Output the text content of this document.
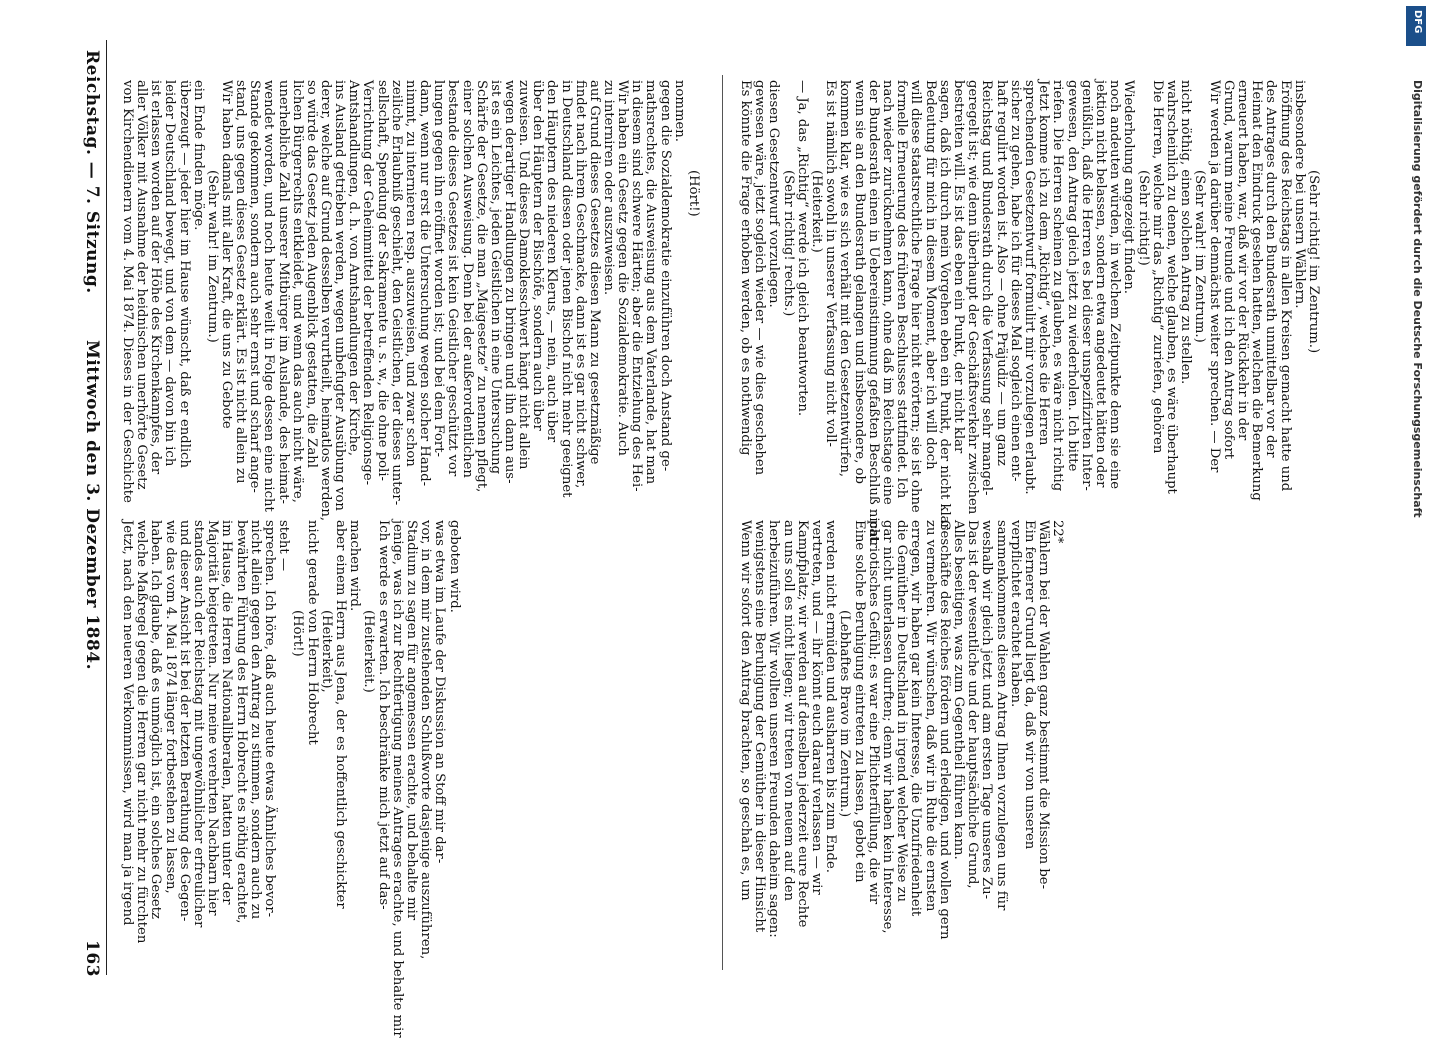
Reichstag. — 7. Sitzung.
Mittwoch den 3. Dezember 1884.
163
von Kirchendienern vom 4. Mai 1874. Dieses in der Geschichte aller Völker mit Ausnahme der heidnischen unerhörte Gesetz ist erlassen worden auf der Höhe des Kirchenkampfes, der leider Deutschland bewegt, und von dem — davon bin ich überzeugt — jeder hier im Hause wünscht, daß er endlich ein Ende finden möge.
(Sehr wahr! im Zentrum.) Wir haben damals mit aller Kraft, die uns zu Gebote stand, uns gegen dieses Gesetz erklärt. Es ist nicht allein zu Stande gekommen, sondern auch sehr ernst und scharf ange- wendet worden, und noch heute weilt in Folge dessen eine nicht unerhebliche Zahl unserer Mitbürger im Auslande, des heimat- lichen Bürgerrechts entkleidet, und wenn das auch nicht wäre, so würde das Gesetz jeden Augenblick gestatten, die Zahl derer, welche auf Grund desselben verurtheilt, heimatlos werden, ins Ausland getrieben werden, wegen unbefugter Ausübung von Amtshandlungen, d. h. von Amtshandlungen der Kirche, Verrichtung der Geheimmittel der betreffenden Religionsge- sellschaft, Spendung der Sakramente u. s. w., die ohne poli- zeiliche Erlaubniß geschieht, den Geistlichen, der dieses unter- nimmt, zu internieren resp. auszuweisen, und zwar schon dann, wenn nur erst die Untersuchung wegen solcher Hand- lungen gegen ihn eröffnet worden ist; und bei dem Fort- bestande dieses Gesetzes ist kein Geistlicher geschützt vor einer solchen Ausweisung. Denn bei der außerordentlichen Schärfe der Gesetze, die man „Maigesetze“ zu nennen pflegt, ist es ein Leichtes, jeden Geistlichen in eine Untersuchung wegen derartiger Handlungen zu bringen und ihn dann aus- zuweisen. Und dieses Damoklesschwert hängt nicht allein über den Häuptern der Bischöfe, sondern auch über den Häuptern des niederen Klerus, — nein, auch über in Deutschland diesen oder jenen Bischof nicht mehr geeignet findet nach ihrem Geschmacke, dann ist es gar nicht schwer, auf Grund dieses Gesetzes diesen Mann zu gesetzmäßige zu interniren oder auszuweisen. Wir haben ein Gesetz gegen die Sozialdemokratie. Auch in diesem sind schwere Härten; aber die Entziehung des Hei- mathsrechtes, die Ausweisung aus dem Vaterlande, hat man gegen die Sozialdemokratie einzuführen doch Anstand ge- nommen.
(Hört!)
Jetzt, nach den neueren Verkommnissen, wird man ja irgend welche Maßregel gegen die Herren gar nicht mehr zu fürchten haben. Ich glaube, daß es unmöglich ist, ein solches Gesetz wie das vom 4. Mai 1874 länger fortbestehen zu lassen, und dieser Ansicht ist bei der letzten Berathung des Gegen- standes auch der Reichstag mit ungewöhnlicher erfreulicher Majorität beigetreten. Nur meine verehrten Nachbarn hier im Hause, die Herren Nationalliberalen, hatten unter der bewährten Führung des Herrn Hobrecht es nöthig erachtet, nicht allein gegen den Antrag zu stimmen, sondern auch zu sprechen. Ich höre, daß auch heute etwas Ähnliches bevor- steht —
(Hört!) nicht gerade von Herrn Hobrecht (Heiterkeit), aber einem Herrn aus Jena, der es hoffentlich geschickter machen wird.
(Heiterkeit.) Ich werde es erwarten. Ich beschränke mich jetzt auf das- jenige, was ich zur Rechtfertigung meines Antrages erachte, und behalte mir Stadium zu sagen für angemessen erachte, und behalte mir vor, in dem mir zustehenden Schlußworte dasjenige auszuführen, was etwa im Laufe der Diskussion an Stoff mir dar- geboten wird.
Es könnte die Frage erhoben werden, ob es nothwendig gewesen wäre, jetzt sogleich wieder — wie dies geschehen diesen Gesetzentwurf vorzulegen. (Sehr richtig! rechts.) — Ja, das „Richtig“ werde ich gleich beantworten. (Heiterkeit.) Es ist nämlich sowohl in unserer Verfassung nicht voll- kommen klar, wie es sich verhält mit den Gesetzentwürfen, wenn sie an den Bundesrath gelangen und insbesondere, ob der Bundesrath einen in Uebereinstimmung gefaßten Beschluß nicht nach wieder zurücknehmen kann, ohne daß im Reichstage eine formelle Erneuerung des früheren Beschlusses stattfindet. Ich will diese staatsrechtliche Frage hier nicht erörtern; sie ist ohne Bedeutung für mich in diesem Moment, aber ich will doch sagen, daß ich durch mein Vorgehen eben ein Punkt, der nicht klar bestreiten will. Es ist das eben ein Punkt, der nicht klar geregelt ist; wie denn überhaupt der Geschäftsverkehr zwischen Reichstag und Bundesrath durch die Verfassung sehr mangel- haft regulirt worden ist. Also — ohne Präjudiz — um ganz sicher zu gehen, habe ich für dieses Mal sogleich einen ent- sprechenden Gesetzentwurf formulirt mir vorzulegen erlaubt. Jetzt komme ich zu dem „Richtig“, welches die Herren riefen. Die Herren scheinen zu glauben, es wäre nicht richtig gewesen, den Antrag gleich jetzt zu wiederholen. Ich bitte genüßlich, daß die Herren es bei dieser unspezifizirten Inter- jektion nicht belassen, sondern etwa angedeutet hätten oder noch andeuten würden, in welchem Zeitpunkte denn sie eine Wiederholung angezeigt finden. (Sehr richtig!) Die Herren, welche mir das „Richtig“ zuriefen, gehören wahrscheinlich zu denen, welche glauben, es wäre überhaupt nicht nöthig, einen solchen Antrag zu stellen. (Sehr wahr! im Zentrum.) Wir werden ja darüber demnächst weiter sprechen. — Der Grund, warum meine Freunde und ich den Antrag sofort erneuert haben, war, daß wir vor der Rückkehr in der Heimat den Eindruck gesehen hatten, welchen die Bemerkung des Antrages durch den Bundesrath unmittelbar vor der Eröffnung des Reichstags in allen Kreisen gemacht hatte und insbesondere bei unsern Wählern. (Sehr richtig! im Zentrum.)
Wenn wir sofort den Antrag brachten, so geschah es, um wenigstens eine Beruhigung der Gemüther in dieser Hinsicht herbeizuführen. Wir wollten unseren Freunden daheim sagen: an uns soll es nicht liegen; wir treten von neuem auf den Kampfplatz; wir werden auf denselben jederzeit eure Rechte vertreten, und — ihr könnt euch darauf verlassen — wir werden nicht ermüden und ausharren bis zum Ende. (Lebhaftes Bravo im Zentrum.) Eine solche Beruhigung eintreten zu lassen, gebot ein patriotisches Gefühl; es war eine Pflichterfüllung, die wir gar nicht unterlassen durften; denn wir haben kein Interesse, die Gemüther in Deutschland in irgend welcher Weise zu erregen, wir haben gar kein Interesse, die Unzufriedenheit zu vermehren. Wir wünschen, daß wir in Ruhe die ernsten Geschäfte des Reiches fördern und erledigen, und wollen gern Alles beseitigen, was zum Gegentheil führen kann. Das ist der wesentliche und der hauptsächliche Grund, weshalb wir gleich jetzt und am ersten Tage unseres Zu- sammenkommens diesen Antrag Ihnen vorzulegen uns für verpflichtet erachtet haben. Ein fernerer Grund liegt da, daß wir von unseren Wählern bei der Wahlen ganz bestimmt die Mission be- 22*
Digitalisierung gefördert durch die Deutsche Forschungsgemeinschaft
DFG
